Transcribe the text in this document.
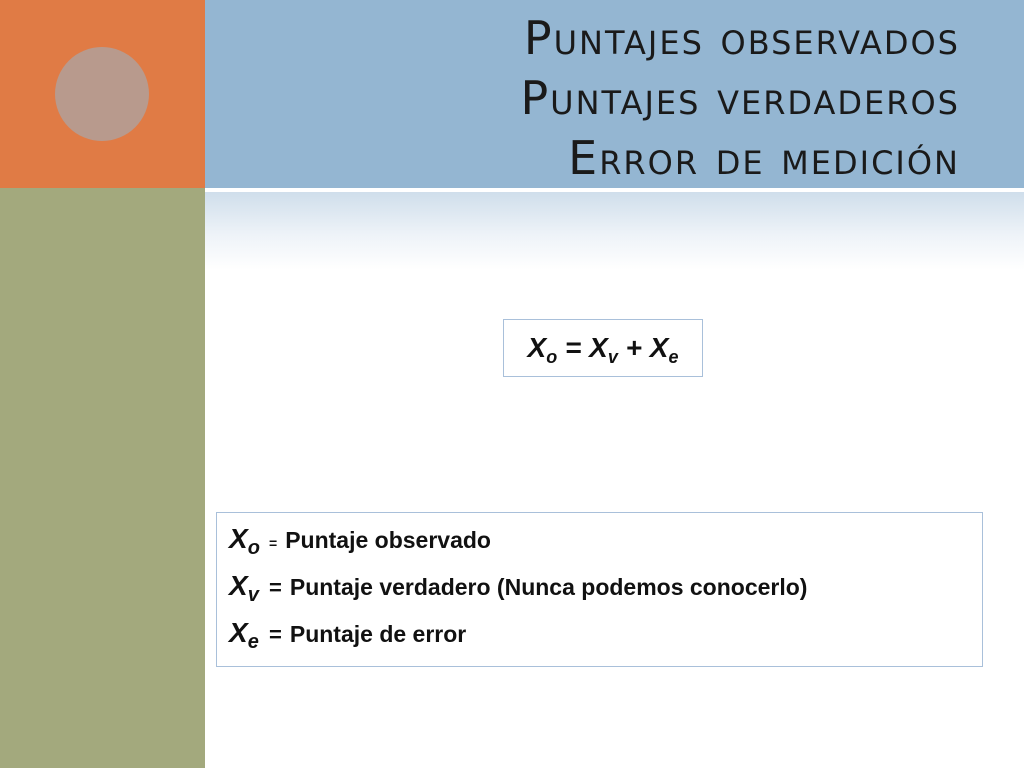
Puntajes observados
Puntajes verdaderos
Error de medición
$X_o = X_v + X_e$
$X_o$ = Puntaje observado
$X_v$ = Puntaje verdadero (Nunca podemos conocerlo)
$X_e$ = Puntaje de error
